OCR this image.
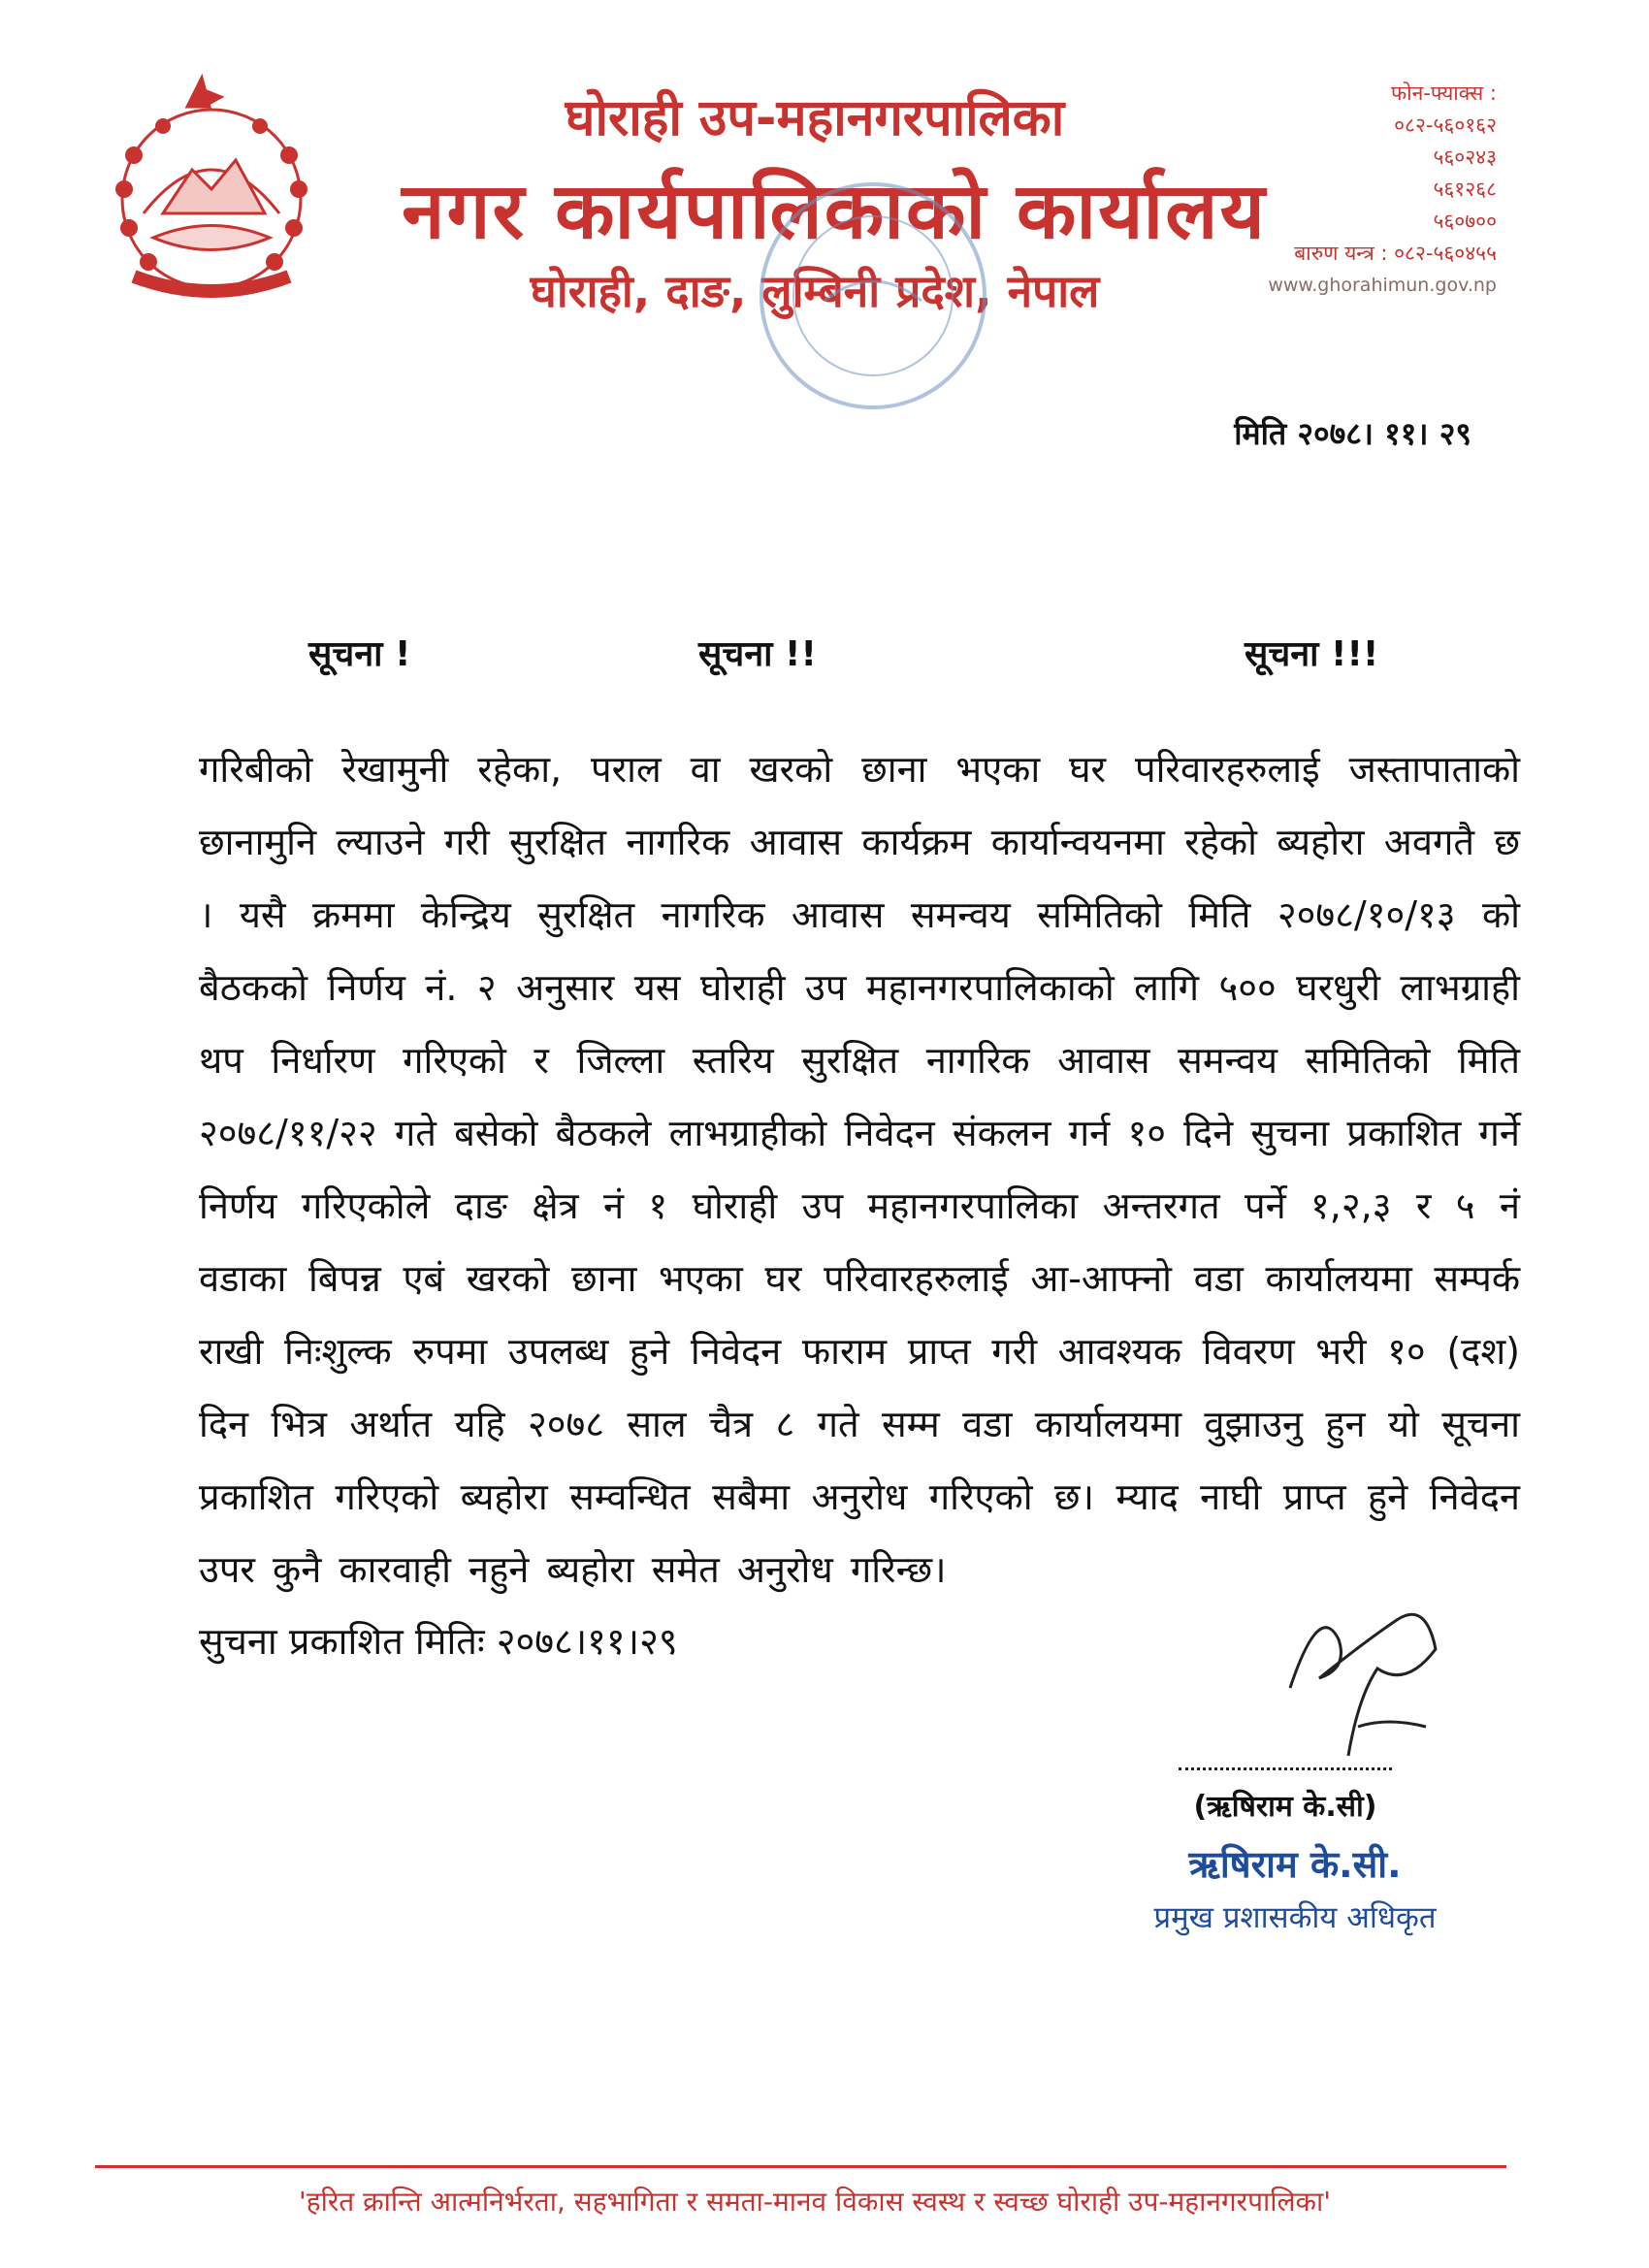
घोराही उप-महानगरपालिका
नगर कार्यपालिकाको कार्यालय
घोराही, दाङ, लुम्बिनी प्रदेश, नेपाल
फोन-फ्याक्स :
०८२-५६०१६२
५६०२४३
५६१२६८
५६०७००
बारुण यन्त्र : ०८२-५६०४५५
www.ghorahimun.gov.np
मिति २०७८। ११। २९
सूचना !	सूचना !!	सूचना !!!
गरिबीको रेखामुनी रहेका, पराल वा खरको छाना भएका घर परिवारहरुलाई जस्तापाताको छानामुनि ल्याउने गरी सुरक्षित नागरिक आवास कार्यक्रम कार्यान्वयनमा रहेको ब्यहोरा अवगतै छ । यसै क्रममा केन्द्रिय सुरक्षित नागरिक आवास समन्वय समितिको मिति २०७८/१०/१३ को बैठकको निर्णय नं. २ अनुसार यस घोराही उप महानगरपालिकाको लागि ५०० घरधुरी लाभग्राही थप निर्धारण गरिएको र जिल्ला स्तरिय सुरक्षित नागरिक आवास समन्वय समितिको मिति २०७८/११/२२ गते बसेको बैठकले लाभग्राहीको निवेदन संकलन गर्न १० दिने सुचना प्रकाशित गर्ने निर्णय गरिएकोले दाङ क्षेत्र नं १ घोराही उप महानगरपालिका अन्तरगत पर्ने १,२,३ र ५ नं वडाका बिपन्न एबं खरको छाना भएका घर परिवारहरुलाई आ-आफ्नो वडा कार्यालयमा सम्पर्क राखी निःशुल्क रुपमा उपलब्ध हुने निवेदन फाराम प्राप्त गरी आवश्यक विवरण भरी १० (दश) दिन भित्र अर्थात यहि २०७८ साल चैत्र ८ गते सम्म वडा कार्यालयमा वुझाउनु हुन यो सूचना प्रकाशित गरिएको ब्यहोरा सम्वन्धित सबैमा अनुरोध गरिएको छ। म्याद नाघी प्राप्त हुने निवेदन उपर कुनै कारवाही नहुने ब्यहोरा समेत अनुरोध गरिन्छ।
सुचना प्रकाशित मितिः २०७८।११।२९
(ऋषिराम के.सी)
ऋषिराम के.सी.
प्रमुख प्रशासकीय अधिकृत
'हरित क्रान्ति आत्मनिर्भरता, सहभागिता र समता-मानव विकास स्वस्थ र स्वच्छ घोराही उप-महानगरपालिका'
